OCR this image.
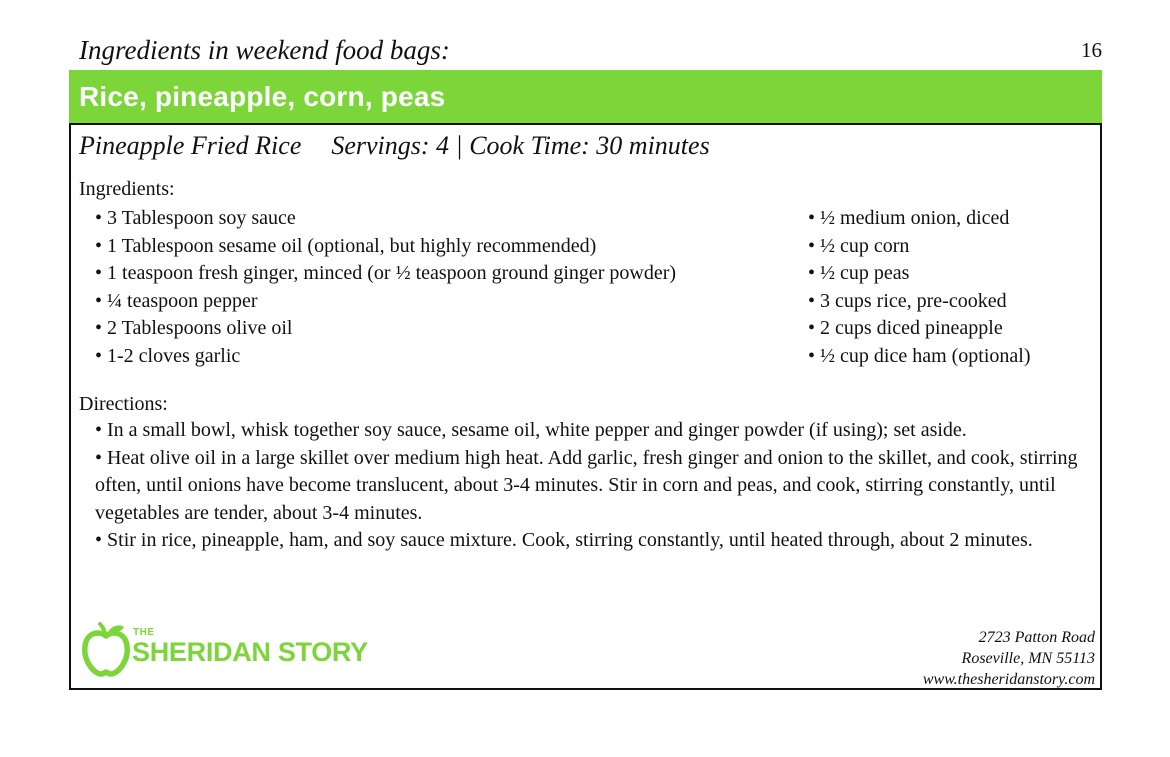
Ingredients in weekend food bags:	16
Rice, pineapple, corn, peas
Pineapple Fried Rice Servings: 4 | Cook Time: 30 minutes
Ingredients:
• 3 Tablespoon soy sauce
• 1 Tablespoon sesame oil (optional, but highly recommended)
• 1 teaspoon fresh ginger, minced (or ½ teaspoon ground ginger powder)
• ¼ teaspoon pepper
• 2 Tablespoons olive oil
• 1-2 cloves garlic
• ½ medium onion, diced
• ½ cup corn
• ½ cup peas
• 3 cups rice, pre-cooked
• 2 cups diced pineapple
• ½ cup dice ham (optional)
Directions:
• In a small bowl, whisk together soy sauce, sesame oil, white pepper and ginger powder (if using); set aside.
• Heat olive oil in a large skillet over medium high heat. Add garlic, fresh ginger and onion to the skillet, and cook, stirring often, until onions have become translucent, about 3-4 minutes. Stir in corn and peas, and cook, stirring constantly, until vegetables are tender, about 3-4 minutes.
• Stir in rice, pineapple, ham, and soy sauce mixture. Cook, stirring constantly, until heated through, about 2 minutes.
THE
SHERIDAN STORY	2723 Patton Road
Roseville, MN 55113
www.thesheridanstory.com
